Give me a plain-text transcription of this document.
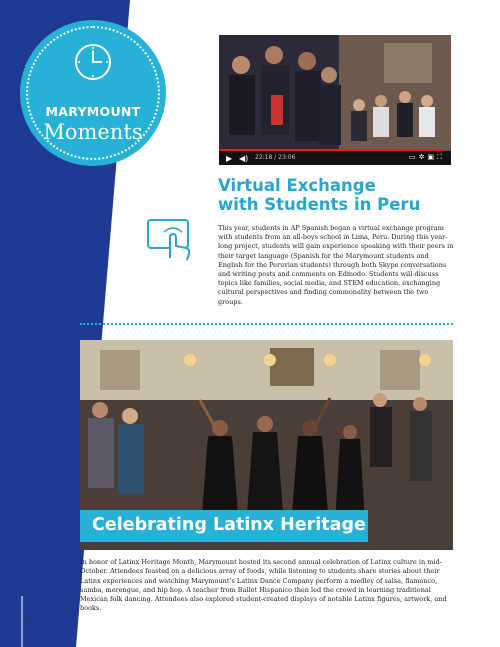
MARYMOUNT
Moments
▶ ◀) 22:18 / 23:06	▭✲▣⛶
Virtual Exchange
with Students in Peru
This year, students in AP Spanish began a virtual exchange program with students from an all-boys school in Lima, Peru. During this year-long project, students will gain experience speaking with their peers in their target language (Spanish for the Marymount students and English for the Peruvian students) through both Skype conversations and writing posts and comments on Edmodo. Students will discuss topics like families, social media, and STEM education, exchanging cultural perspectives and finding commonality between the two groups.
Celebrating Latinx Heritage
In honor of Latinx Heritage Month, Marymount hosted its second annual celebration of Latinx culture in mid-October. Attendees feasted on a delicious array of foods, while listening to students share stories about their Latinx experiences and watching Marymount’s Latinx Dance Company perform a medley of salsa, flamenco, samba, merengue, and hip hop. A teacher from Ballet Hispanico then led the crowd in learning traditional Mexican folk dancing. Attendees also explored student-created displays of notable Latinx figures, artwork, and books.
12
